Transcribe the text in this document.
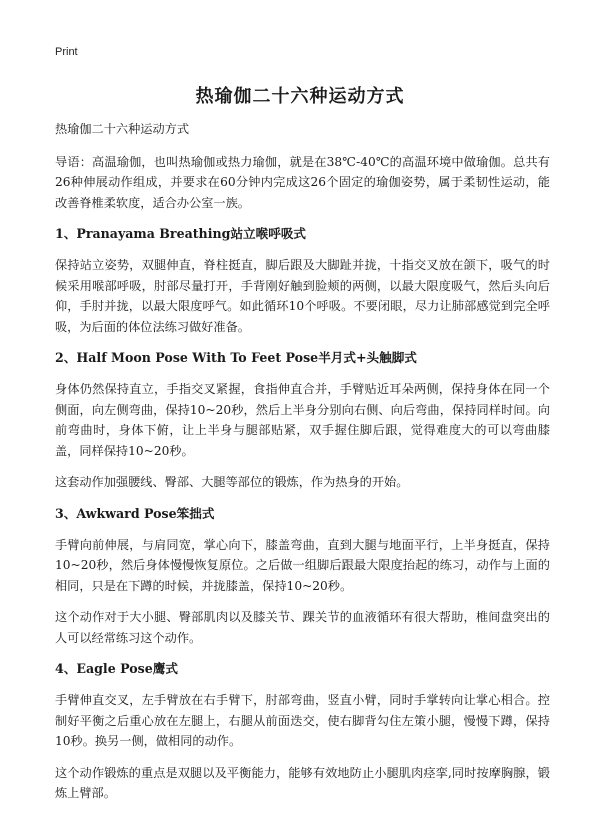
Print
热瑜伽二十六种运动方式

热瑜伽二十六种运动方式

导语：高温瑜伽，也叫热瑜伽或热力瑜伽，就是在38℃-40℃的高温环境中做瑜伽。总共有26种伸展动作组成，并要求在60分钟内完成这26个固定的瑜伽姿势，属于柔韧性运动，能改善脊椎柔软度，适合办公室一族。

1、Pranayama Breathing站立喉呼吸式

保持站立姿势，双腿伸直，脊柱挺直，脚后跟及大脚趾并拢，十指交叉放在颌下，吸气的时候采用喉部呼吸，肘部尽量打开，手背刚好触到脸颊的两侧，以最大限度吸气，然后头向后仰，手肘并拢，以最大限度呼气。如此循环10个呼吸。不要闭眼，尽力让肺部感觉到完全呼吸，为后面的体位法练习做好准备。

2、Half Moon Pose With To Feet Pose半月式+头触脚式

身体仍然保持直立，手指交叉紧握，食指伸直合并，手臂贴近耳朵两侧，保持身体在同一个侧面，向左侧弯曲，保持10~20秒，然后上半身分别向右侧、向后弯曲，保持同样时间。向前弯曲时，身体下俯，让上半身与腿部贴紧，双手握住脚后跟，觉得难度大的可以弯曲膝盖，同样保持10~20秒。

这套动作加强腰线、臀部、大腿等部位的锻炼，作为热身的开始。

3、Awkward Pose笨拙式

手臂向前伸展，与肩同宽，掌心向下，膝盖弯曲，直到大腿与地面平行，上半身挺直，保持10~20秒，然后身体慢慢恢复原位。之后做一组脚后跟最大限度抬起的练习，动作与上面的相同，只是在下蹲的时候，并拢膝盖，保持10~20秒。

这个动作对于大小腿、臀部肌肉以及膝关节、踝关节的血液循环有很大帮助，椎间盘突出的人可以经常练习这个动作。

4、Eagle Pose鹰式

手臂伸直交叉，左手臂放在右手臂下，肘部弯曲，竖直小臂，同时手掌转向让掌心相合。控制好平衡之后重心放在左腿上，右腿从前面迭交，使右脚背勾住左策小腿，慢慢下蹲，保持10秒。换另一侧，做相同的动作。

这个动作锻炼的重点是双腿以及平衡能力，能够有效地防止小腿肌肉痉挛,同时按摩胸腺，锻炼上臂部。
